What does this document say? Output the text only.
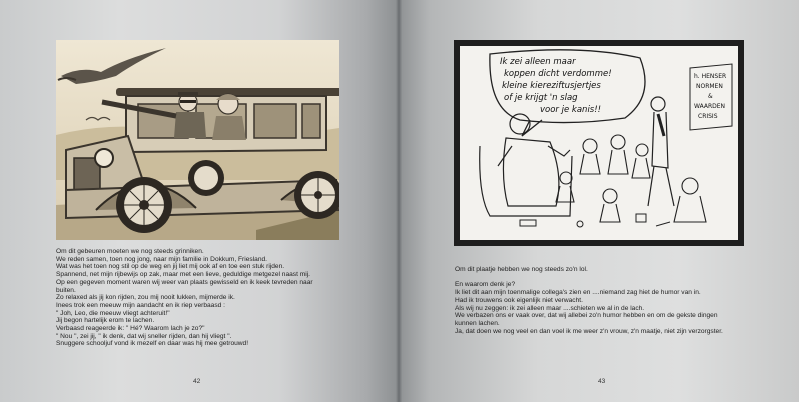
Om dit gebeuren moeten we nog steeds grinniken.

We reden samen, toen nog jong, naar mijn familie in Dokkum, Friesland.

Wat was het toen nog stil op de weg en jij liet mij ook af en toe een stuk rijden.

Spannend, net mijn rijbewijs op zak, maar met een lieve, geduldige metgezel naast mij.

Op een gegeven moment waren wij weer van plaats gewisseld en ik keek tevreden naar

buiten.

Zo relaxed als jij kon rijden, zou mij nooit lukken, mijmerde ik.

Inees trok een meeuw mijn aandacht en ik riep verbaasd :

" Joh, Leo, die meeuw vliegt achteruit!"

Jij begon hartelijk erom te lachen.

Verbaasd reageerde ik: " Hé? Waarom lach je zo?"

" Nou ", zei jij, " ik denk, dat wij sneller rijden, dan hij vliegt ".

Snuggere schooljuf vond ik mezelf en daar was hij mee getrouwd!

42
Ik zei alleen maar
koppen dicht verdomme!
kleine kiereziftusjertjes
of je krijgt 'n slag
voor je kanis!!
h. HENSER
NORMEN
&
WAARDEN
CRISIS

Om dit plaatje hebben we nog steeds zo'n lol.

En waarom denk je?

Ik liet dit aan mijn toenmalige collega's zien en ....niemand zag hiet de humor van in.

Had ik trouwens ook eigenlijk niet verwacht.

Als wij nu zeggen: ik zei alleen maar ....schieten we al in de lach.

We verbazen ons er vaak over, dat wij allebei zo'n humor hebben en om de gekste dingen

kunnen lachen.

Ja, dat doen we nog veel en dan voel ik me weer z'n vrouw, z'n maatje, niet zijn verzorgster.

43
